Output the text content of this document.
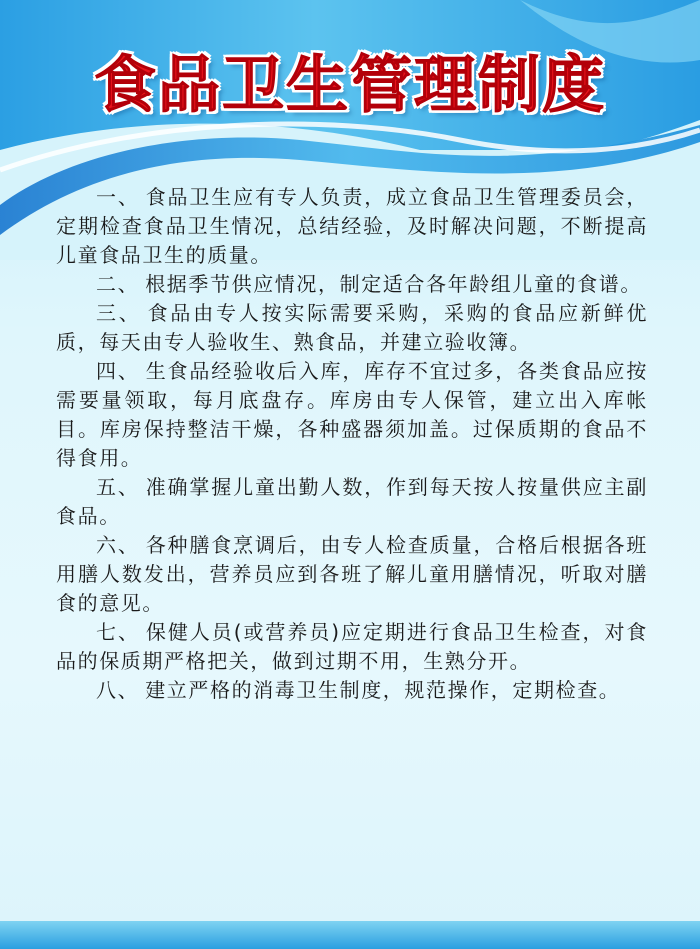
食品卫生管理制度

一、 食品卫生应有专人负责，成立食品卫生管理委员会，定期检查食品卫生情况，总结经验，及时解决问题，不断提高儿童食品卫生的质量。

二、 根据季节供应情况，制定适合各年龄组儿童的食谱。

三、 食品由专人按实际需要采购，采购的食品应新鲜优质，每天由专人验收生、熟食品，并建立验收簿。

四、 生食品经验收后入库，库存不宜过多，各类食品应按需要量领取，每月底盘存。库房由专人保管，建立出入库帐目。库房保持整洁干燥，各种盛器须加盖。过保质期的食品不得食用。

五、 准确掌握儿童出勤人数，作到每天按人按量供应主副食品。

六、 各种膳食烹调后，由专人检查质量，合格后根据各班用膳人数发出，营养员应到各班了解儿童用膳情况，听取对膳食的意见。

七、 保健人员(或营养员)应定期进行食品卫生检查，对食品的保质期严格把关，做到过期不用，生熟分开。

八、 建立严格的消毒卫生制度，规范操作，定期检查。
